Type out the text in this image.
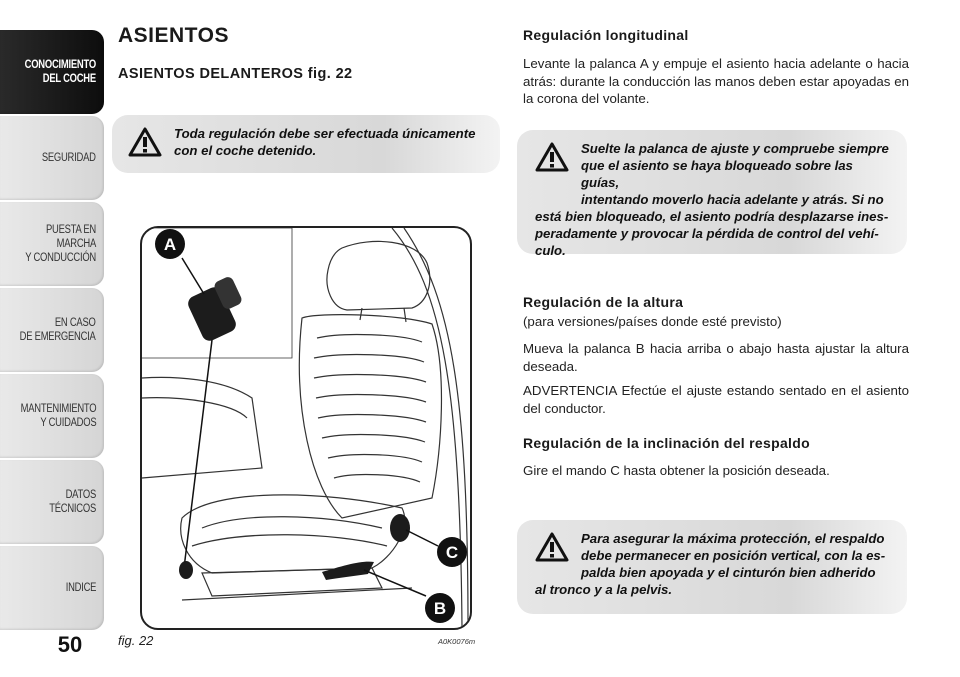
CONOCIMIENTO
DEL COCHE
SEGURIDAD
PUESTA EN MARCHA
Y CONDUCCIÓN
EN CASO
DE EMERGENCIA
MANTENIMIENTO
Y CUIDADOS
DATOS TÉCNICOS
INDICE
50
ASIENTOS
ASIENTOS DELANTEROS fig. 22
Toda regulación debe ser efectuada únicamente con el coche detenido.
A
B
C
fig. 22	A0K0076m
Regulación longitudinal
Levante la palanca A y empuje el asiento hacia adelante o hacia atrás: durante la conducción las manos deben estar apoyadas en la corona del volante.
Suelte la palanca de ajuste y compruebe siempre
que el asiento se haya bloqueado sobre las guías,
intentando moverlo hacia adelante y atrás. Si no
está bien bloqueado, el asiento podría desplazarse ines-peradamente y provocar la pérdida de control del vehí-culo.
Regulación de la altura
(para versiones/países donde esté previsto)
Mueva la palanca B hacia arriba o abajo hasta ajustar la altura deseada.
ADVERTENCIA Efectúe el ajuste estando sentado en el asiento del conductor.
Regulación de la inclinación del respaldo
Gire el mando C hasta obtener la posición deseada.
Para asegurar la máxima protección, el respaldo
debe permanecer en posición vertical, con la es-
palda bien apoyada y el cinturón bien adherido
al tronco y a la pelvis.
